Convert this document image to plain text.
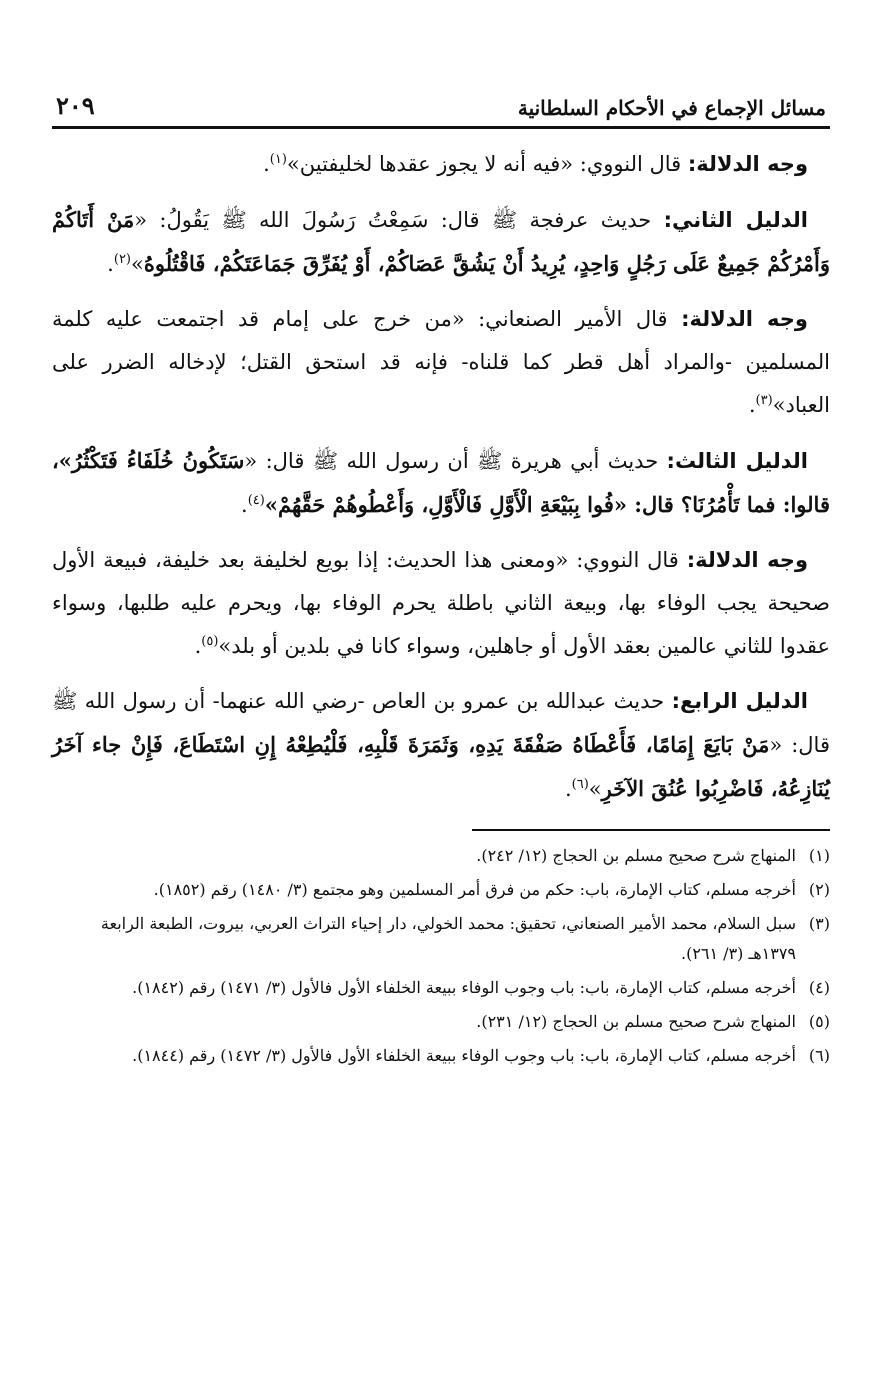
مسائل الإجماع في الأحكام السلطانية
٢٠٩

وجه الدلالة: قال النووي: «فيه أنه لا يجوز عقدها لخليفتين»$^{(١)}$.

الدليل الثاني: حديث عرفجة ﷺ قال: سَمِعْتُ رَسُولَ الله ﷺ يَقُولُ: «مَنْ أَتَاكُمْ وَأَمْرُكُمْ جَمِيعٌ عَلَى رَجُلٍ وَاحِدٍ، يُرِيدُ أَنْ يَشُقَّ عَصَاكُمْ، أَوْ يُفَرِّقَ جَمَاعَتَكُمْ، فَاقْتُلُوهُ»$^{(٢)}$.

وجه الدلالة: قال الأمير الصنعاني: «من خرج على إمام قد اجتمعت عليه كلمة المسلمين -والمراد أهل قطر كما قلناه- فإنه قد استحق القتل؛ لإدخاله الضرر على العباد»$^{(٣)}$.

الدليل الثالث: حديث أبي هريرة ﷺ أن رسول الله ﷺ قال: «سَتَكُونُ خُلَفَاءُ فَتَكْثُرُ»، قالوا: فما تَأْمُرُنَا؟ قال: «فُوا بِبَيْعَةِ الْأَوَّلِ فَالْأَوَّلِ، وَأَعْطُوهُمْ حَقَّهُمْ»$^{(٤)}$.

وجه الدلالة: قال النووي: «ومعنى هذا الحديث: إذا بويع لخليفة بعد خليفة، فبيعة الأول صحيحة يجب الوفاء بها، وبيعة الثاني باطلة يحرم الوفاء بها، ويحرم عليه طلبها، وسواء عقدوا للثاني عالمين بعقد الأول أو جاهلين، وسواء كانا في بلدين أو بلد»$^{(٥)}$.

الدليل الرابع: حديث عبدالله بن عمرو بن العاص -رضي الله عنهما- أن رسول الله ﷺ قال: «مَنْ بَايَعَ إِمَامًا، فَأَعْطَاهُ صَفْقَةَ يَدِهِ، وَثَمَرَةَ قَلْبِهِ، فَلْيُطِعْهُ إِنِ اسْتَطَاعَ، فَإِنْ جاء آخَرُ يُنَازِعُهُ، فَاضْرِبُوا عُنُقَ الآخَرِ»$^{(٦)}$.

(١)
المنهاج شرح صحيح مسلم بن الحجاج (١٢/ ٢٤٢).
(٢)
أخرجه مسلم، كتاب الإمارة، باب: حكم من فرق أمر المسلمين وهو مجتمع (٣/ ١٤٨٠) رقم (١٨٥٢).
(٣)
سبل السلام، محمد الأمير الصنعاني، تحقيق: محمد الخولي، دار إحياء التراث العربي، بيروت، الطبعة الرابعة ١٣٧٩هـ (٣/ ٢٦١).
(٤)
أخرجه مسلم، كتاب الإمارة، باب: باب وجوب الوفاء ببيعة الخلفاء الأول فالأول (٣/ ١٤٧١) رقم (١٨٤٢).
(٥)
المنهاج شرح صحيح مسلم بن الحجاج (١٢/ ٢٣١).
(٦)
أخرجه مسلم، كتاب الإمارة، باب: باب وجوب الوفاء ببيعة الخلفاء الأول فالأول (٣/ ١٤٧٢) رقم (١٨٤٤).
